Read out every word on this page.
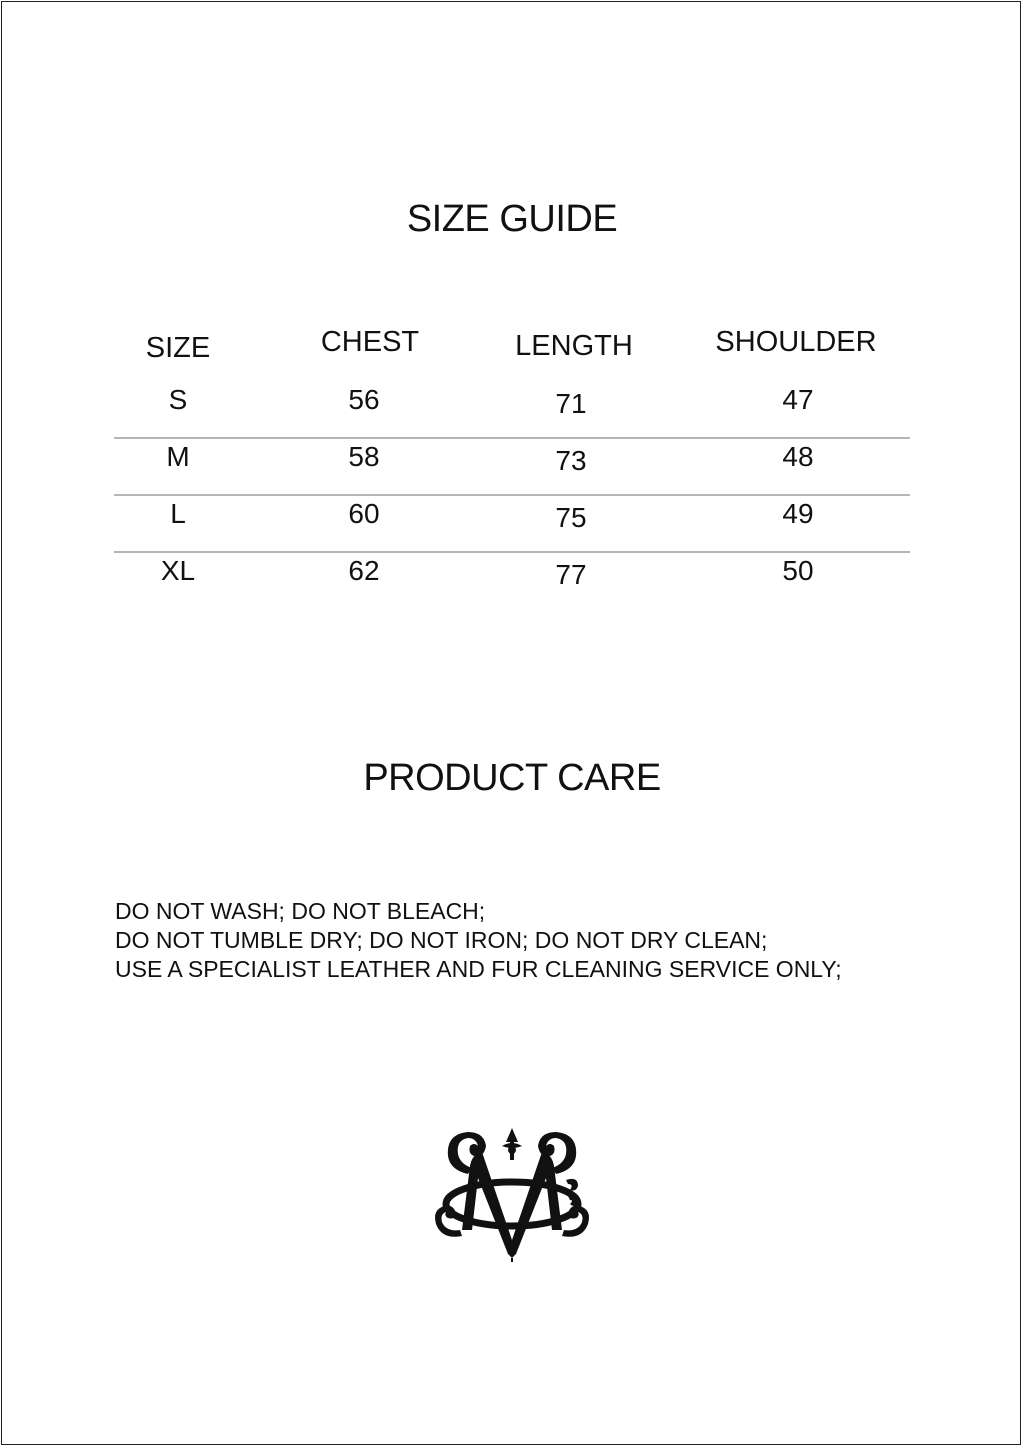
SIZE GUIDE
SIZE	CHEST	LENGTH	SHOULDER
S	56	71	47
M	58	73	48
L	60	75	49
XL	62	77	50
PRODUCT CARE
DO NOT WASH; DO NOT BLEACH;
DO NOT TUMBLE DRY; DO NOT IRON; DO NOT DRY CLEAN;
USE A SPECIALIST LEATHER AND FUR CLEANING SERVICE ONLY;
